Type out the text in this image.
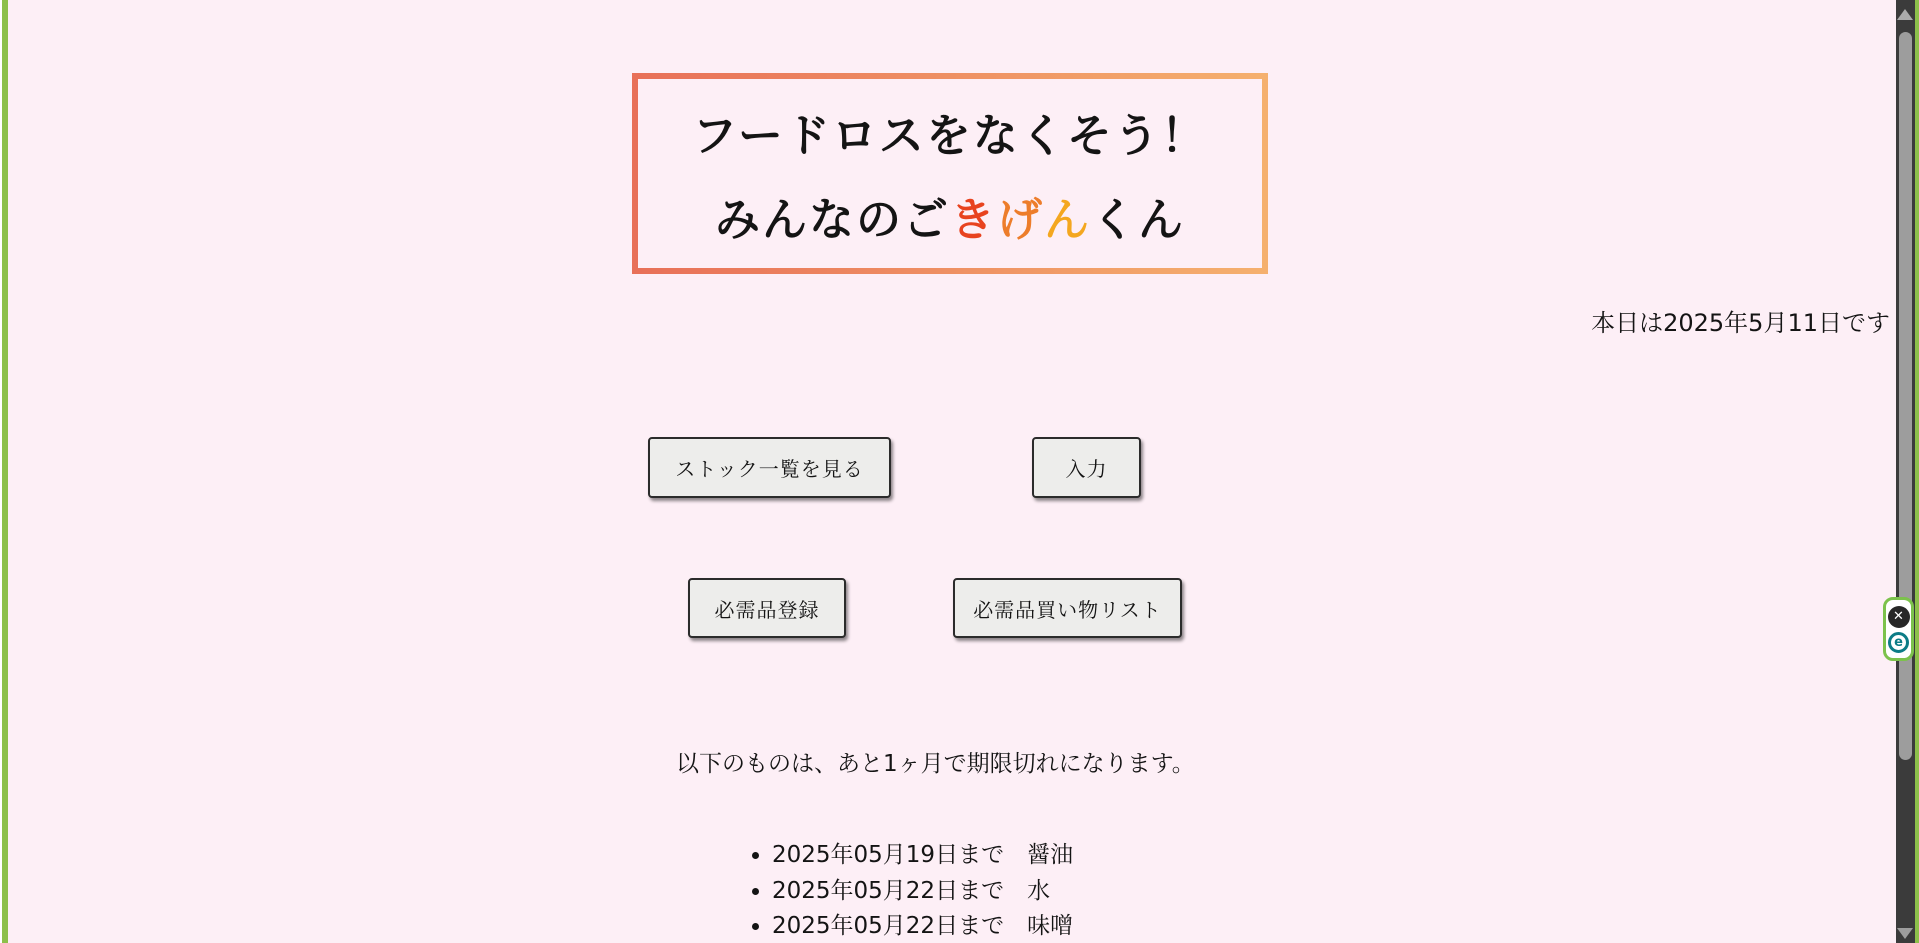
フードロスをなくそう！
みんなのごきげんくん
本日は2025年5月11日です
ストック一覧を見る	入力
必需品登録	必需品買い物リスト
以下のものは、あと1ヶ月で期限切れになります。
• 2025年05月19日まで　醤油
• 2025年05月22日まで　水
• 2025年05月22日まで　味噌
✕
e
